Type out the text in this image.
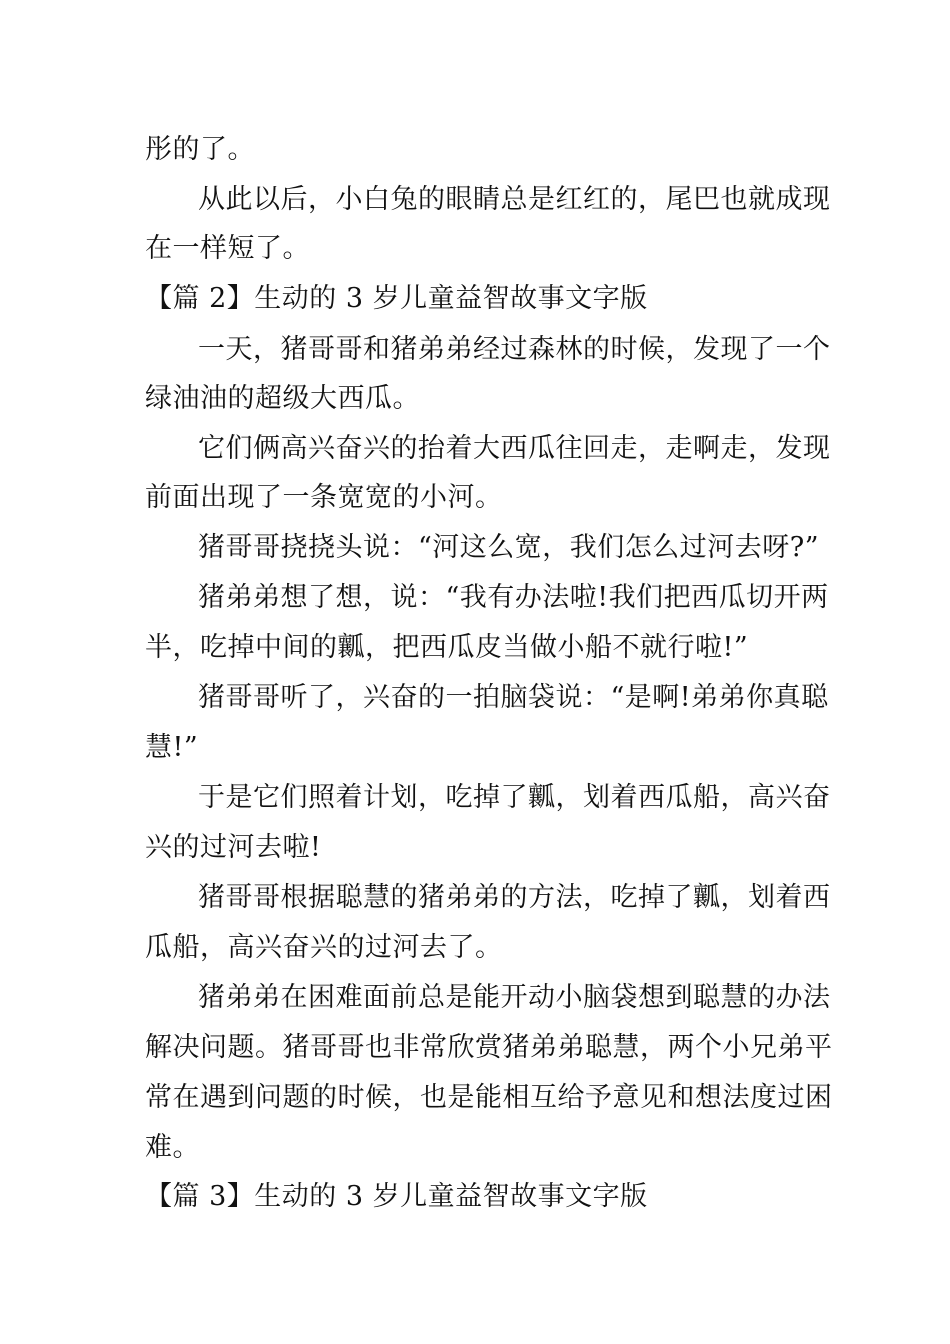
彤的了。
从此以后，小白兔的眼睛总是红红的，尾巴也就成现
在一样短了。
【篇 2】生动的 3 岁儿童益智故事文字版
一天，猪哥哥和猪弟弟经过森林的时候，发现了一个
绿油油的超级大西瓜。
它们俩高兴奋兴的抬着大西瓜往回走，走啊走，发现
前面出现了一条宽宽的小河。
猪哥哥挠挠头说：“河这么宽，我们怎么过河去呀?”
猪弟弟想了想，说：“我有办法啦!我们把西瓜切开两
半，吃掉中间的瓤，把西瓜皮当做小船不就行啦!”
猪哥哥听了，兴奋的一拍脑袋说：“是啊!弟弟你真聪
慧!”
于是它们照着计划，吃掉了瓤，划着西瓜船，高兴奋
兴的过河去啦!
猪哥哥根据聪慧的猪弟弟的方法，吃掉了瓤，划着西
瓜船，高兴奋兴的过河去了。
猪弟弟在困难面前总是能开动小脑袋想到聪慧的办法
解决问题。猪哥哥也非常欣赏猪弟弟聪慧，两个小兄弟平
常在遇到问题的时候，也是能相互给予意见和想法度过困
难。
【篇 3】生动的 3 岁儿童益智故事文字版
